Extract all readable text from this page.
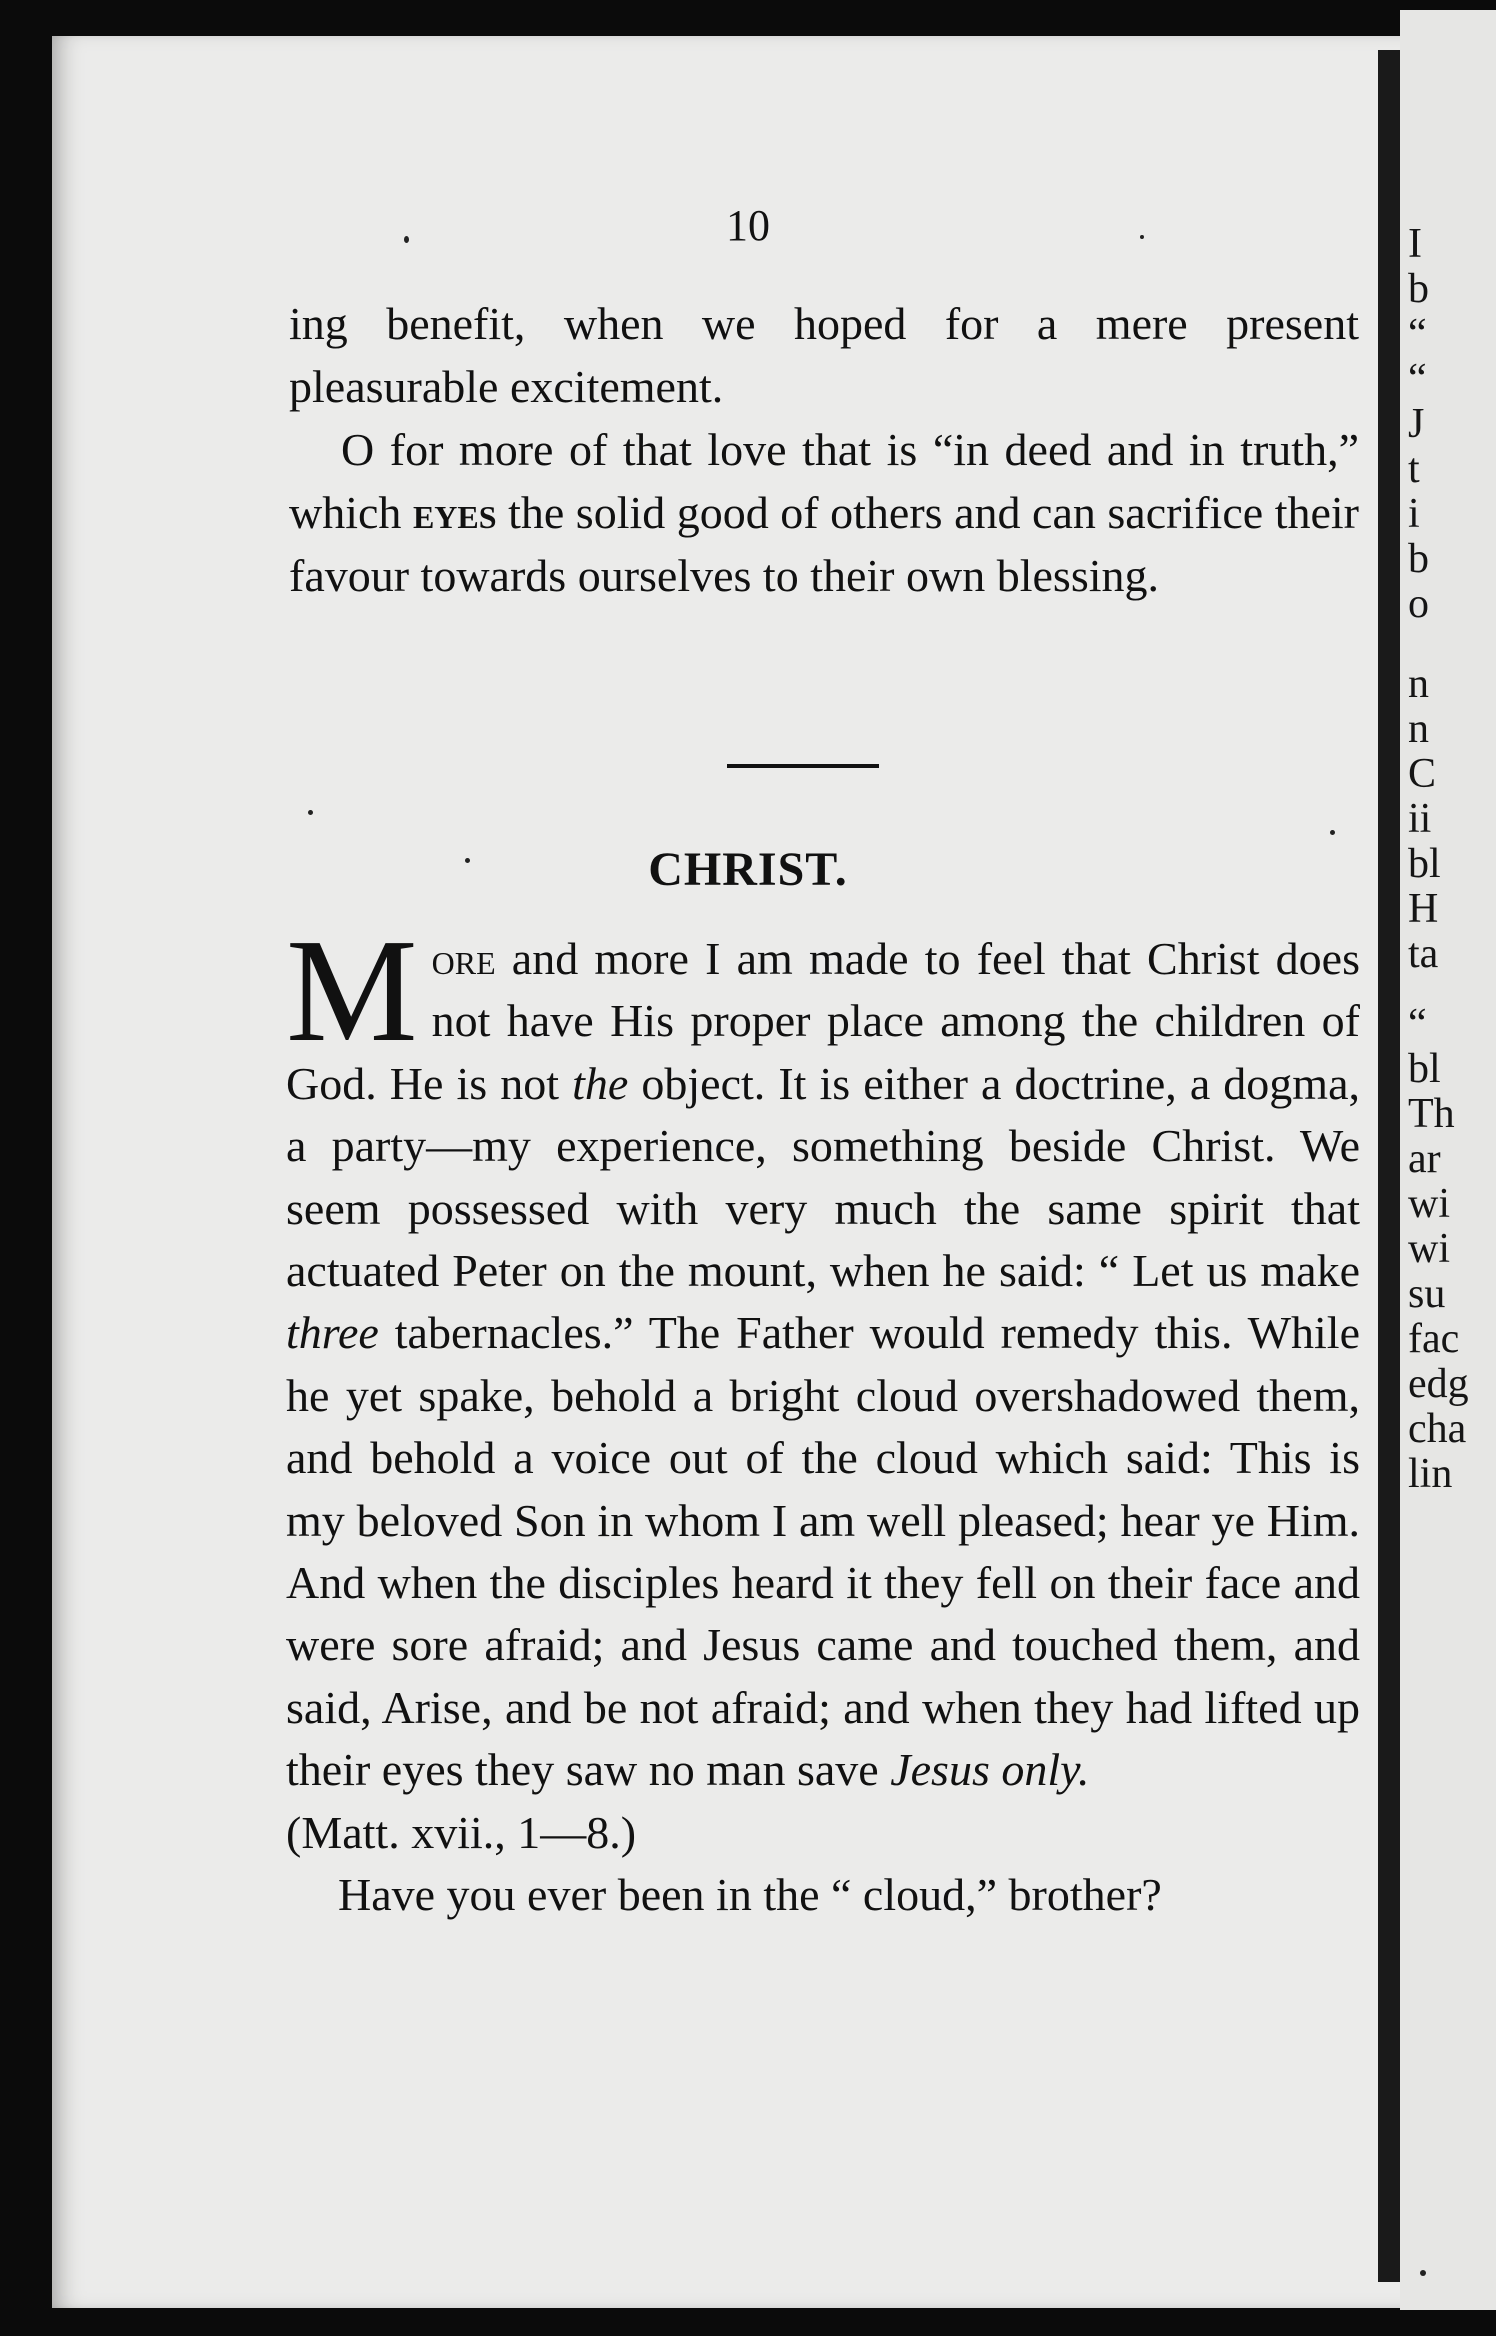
I
b
“
“
J
t
i
b
o
n
n
C
ii
bl
H
ta
“
bl
Th
ar
wi
wi
su
fac
edg
cha
lin
10

ing benefit, when we hoped for a mere present pleasurable excitement.

O for more of that love that is “in deed and in truth,” which eyes the solid good of others and can sacrifice their favour towards ourselves to their own blessing.

CHRIST.

More and more I am made to feel that Christ does not have His proper place among the children of God. He is not the object. It is either a doctrine, a dogma, a party—my experience, something beside Christ. We seem possessed with very much the same spirit that actuated Peter on the mount, when he said: “ Let us make three tabernacles.” The Father would remedy this. While he yet spake, behold a bright cloud overshadowed them, and behold a voice out of the cloud which said: This is my beloved Son in whom I am well pleased; hear ye Him. And when the disciples heard it they fell on their face and were sore afraid; and Jesus came and touched them, and said, Arise, and be not afraid; and when they had lifted up their eyes they saw no man save Jesus only.

(Matt. xvii., 1—8.)

Have you ever been in the “ cloud,” brother?
